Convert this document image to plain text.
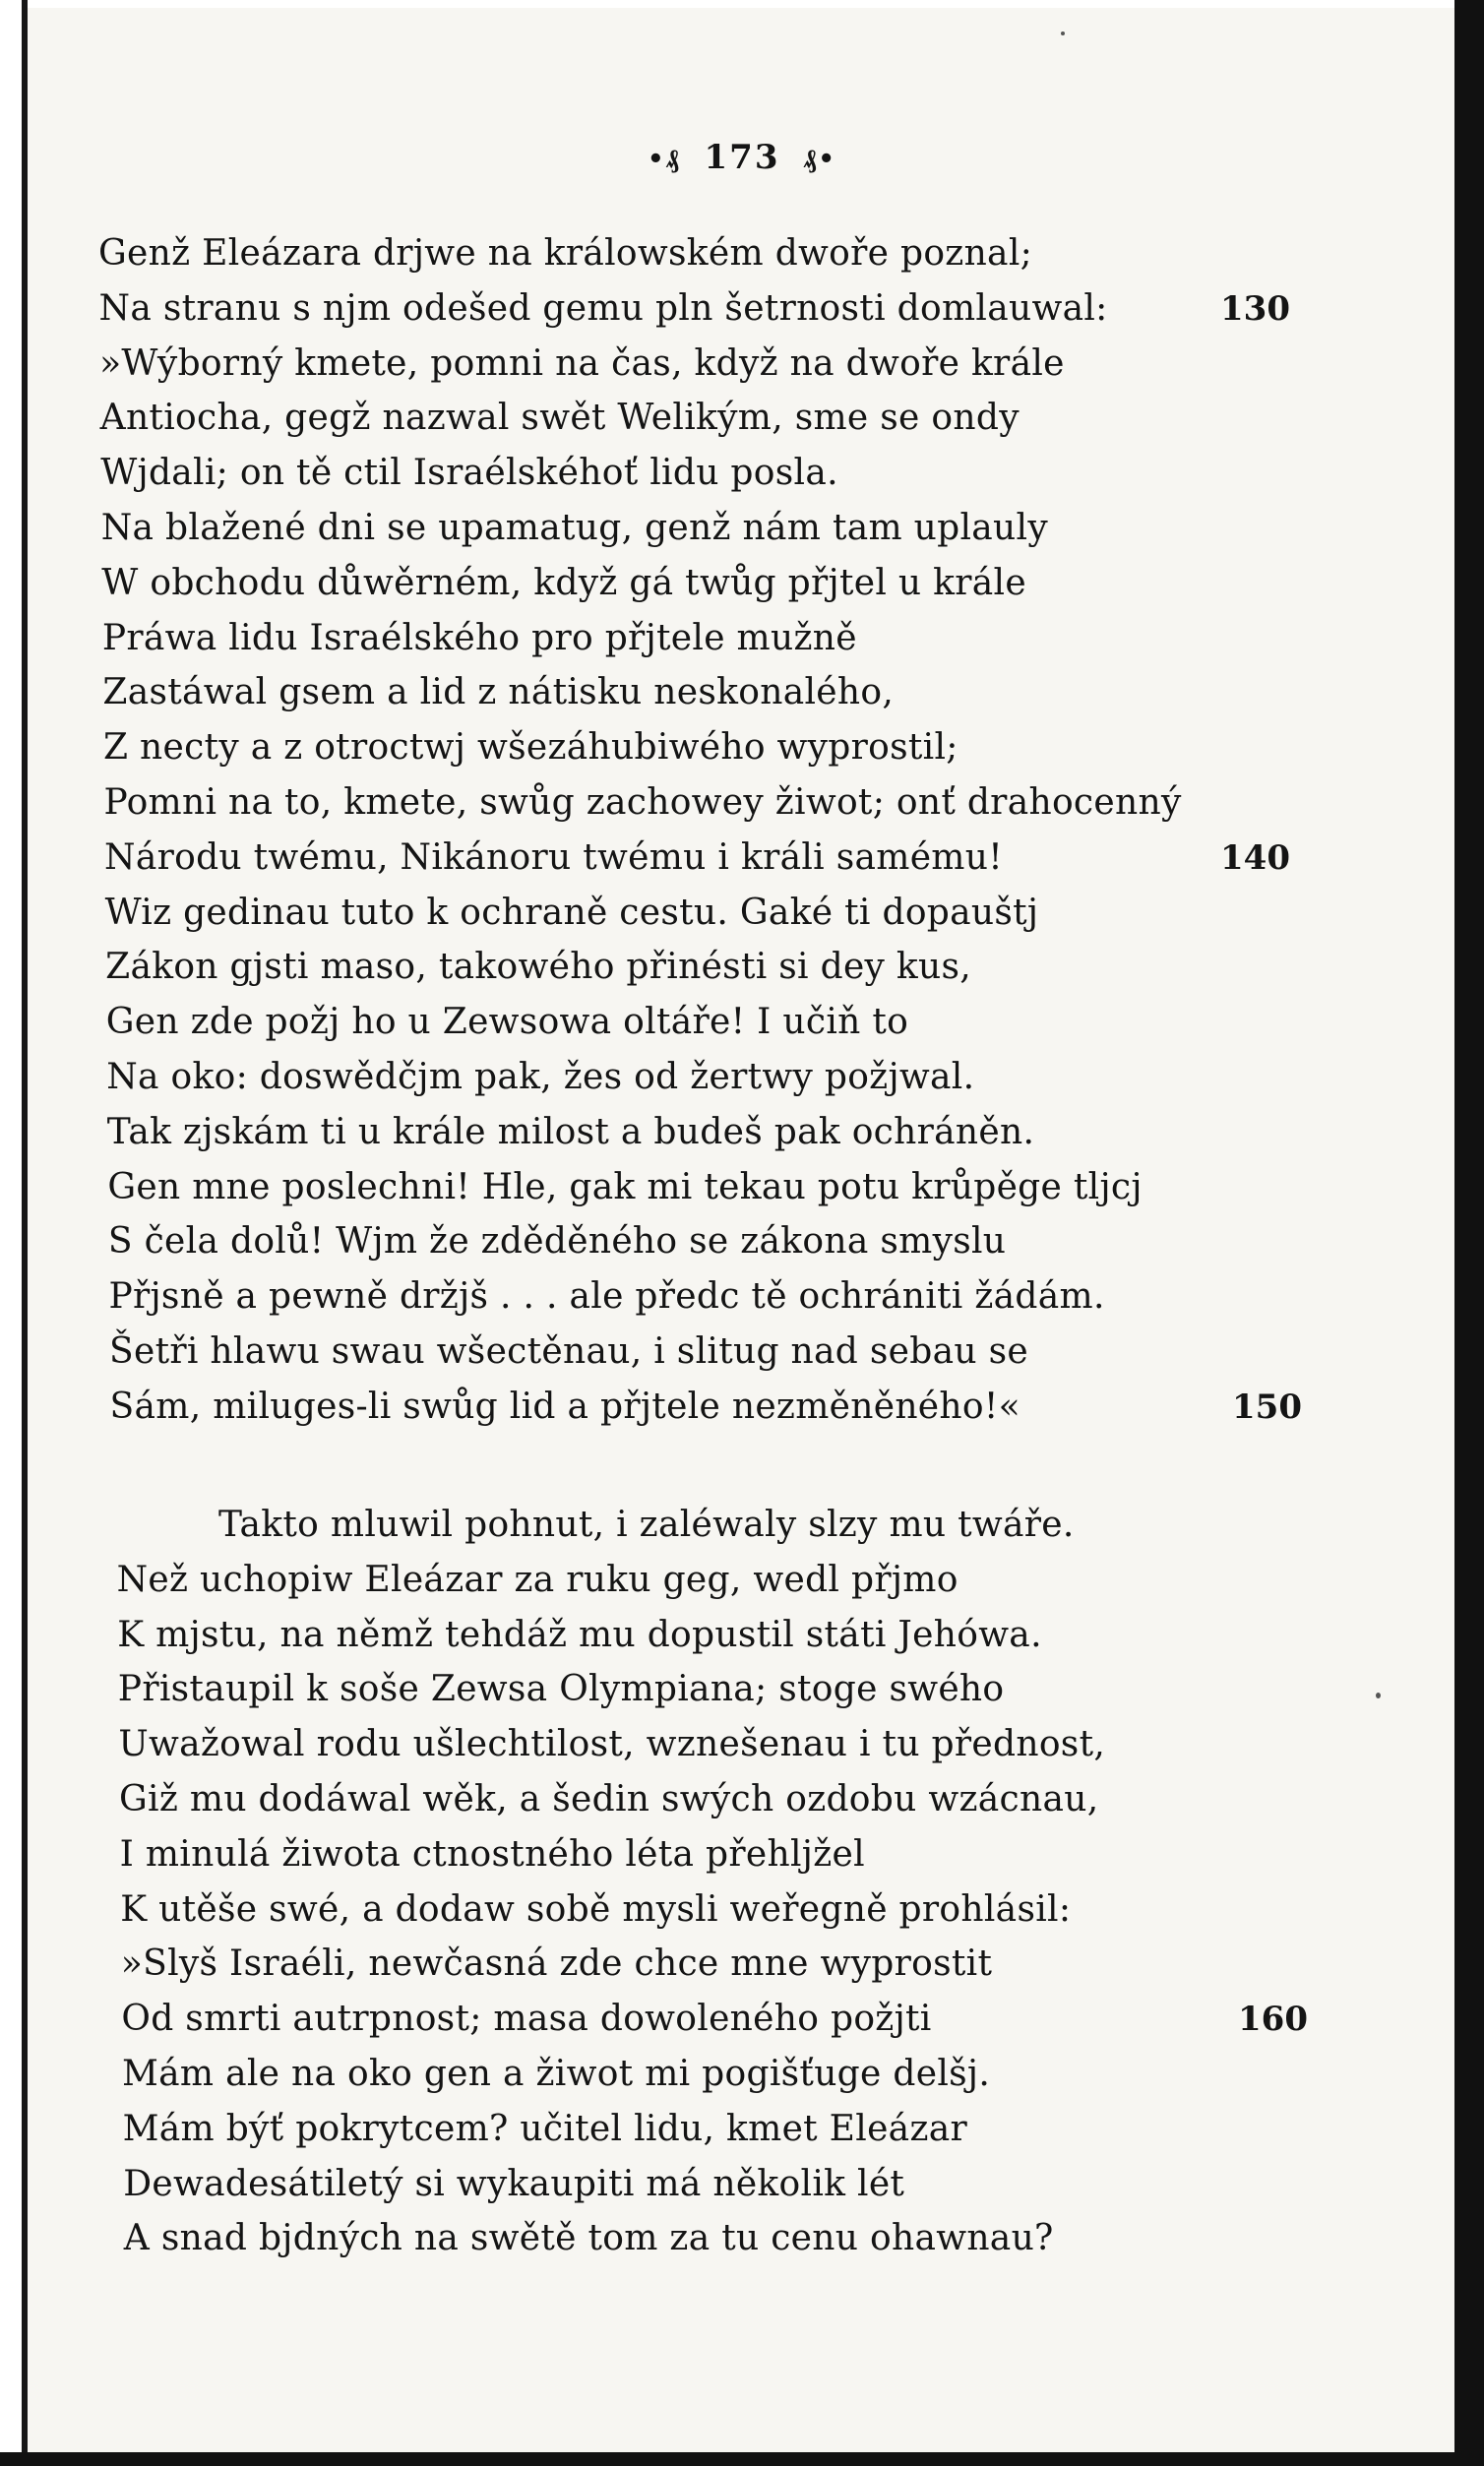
•₰ 173 ₰•
Genž Eleázara drjwe na králowském dwoře poznal;
Na stranu s njm odešed gemu pln šetrnosti domlauwal:	130
»Wýborný kmete, pomni na čas, když na dwoře krále
Antiocha, gegž nazwal swět Welikým, sme se ondy
Wjdali; on tě ctil Israélskéhoť lidu posla.
Na blažené dni se upamatug, genž nám tam uplauly
W obchodu důwěrném, když gá twůg přjtel u krále
Práwa lidu Israélského pro přjtele mužně
Zastáwal gsem a lid z nátisku neskonalého,
Z necty a z otroctwj wšezáhubiwého wyprostil;
Pomni na to, kmete, swůg zachowey žiwot; onť drahocenný
Národu twému, Nikánoru twému i králi samému!	140
Wiz gedinau tuto k ochraně cestu. Gaké ti dopauštj
Zákon gjsti maso, takowého přinésti si dey kus,
Gen zde požj ho u Zewsowa oltáře! I učiň to
Na oko: doswědčjm pak, žes od žertwy požjwal.
Tak zjskám ti u krále milost a budeš pak ochráněn.
Gen mne poslechni! Hle, gak mi tekau potu krůpěge tljcj
S čela dolů! Wjm že zděděného se zákona smyslu
Přjsně a pewně držjš . . . ale předc tě ochrániti žádám.
Šetři hlawu swau wšectěnau, i slitug nad sebau se
Sám, miluges-li swůg lid a přjtele nezměněného!«	150
Takto mluwil pohnut, i zaléwaly slzy mu twáře.
Než uchopiw Eleázar za ruku geg, wedl přjmo
K mjstu, na němž tehdáž mu dopustil státi Jehówa.
Přistaupil k soše Zewsa Olympiana; stoge swého
Uwažowal rodu ušlechtilost, wznešenau i tu přednost,
Giž mu dodáwal wěk, a šedin swých ozdobu wzácnau,
I minulá žiwota ctnostného léta přehljžel
K utěše swé, a dodaw sobě mysli weřegně prohlásil:
»Slyš Israéli, newčasná zde chce mne wyprostit
Od smrti autrpnost; masa dowoleného požjti	160
Mám ale na oko gen a žiwot mi pogišťuge delšj.
Mám býť pokrytcem? učitel lidu, kmet Eleázar
Dewadesátiletý si wykaupiti má několik lét
A snad bjdných na swětě tom za tu cenu ohawnau?
